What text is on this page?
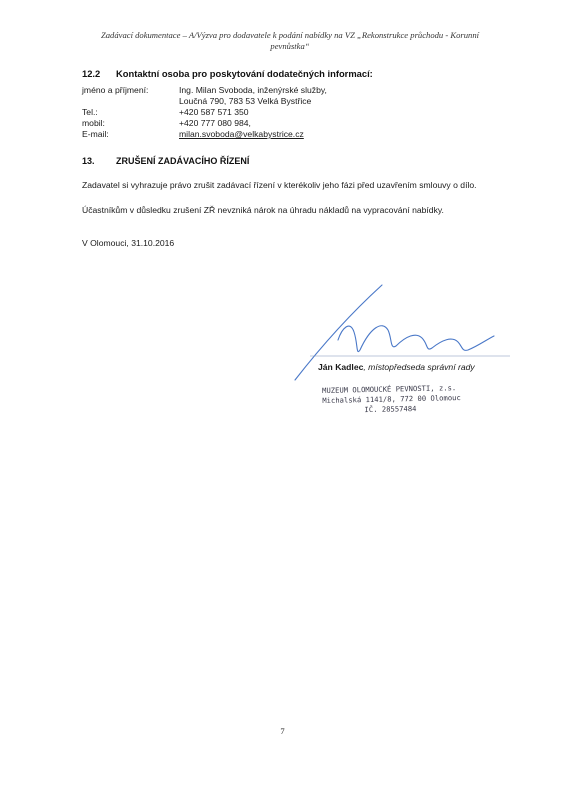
Zadávací dokumentace – A/Výzva pro dodavatele k podání nabídky na VZ „Rekonstrukce průchodu - Korunní
pevnůstka“
12.2 Kontaktní osoba pro poskytování dodatečných informací:
jméno a příjmení:	Ing. Milan Svoboda, inženýrské služby,
Loučná 790, 783 53 Velká Bystřice
Tel.:	+420 587 571 350
mobil:	+420 777 080 984,
E-mail:	milan.svoboda@velkabystrice.cz
13. ZRUŠENÍ ZADÁVACÍHO ŘÍZENÍ
Zadavatel si vyhrazuje právo zrušit zadávací řízení v kterékoliv jeho fázi před uzavřením smlouvy o dílo.
Účastníkům v důsledku zrušení ZŘ nevzniká nárok na úhradu nákladů na vypracování nabídky.
V Olomouci, 31.10.2016
Ján Kadlec, místopředseda správní rady
MUZEUM OLOMOUCKÉ PEVNOSTI, z.s.
Michalská 1141/8, 772 00 Olomouc
IČ. 28557484
7
